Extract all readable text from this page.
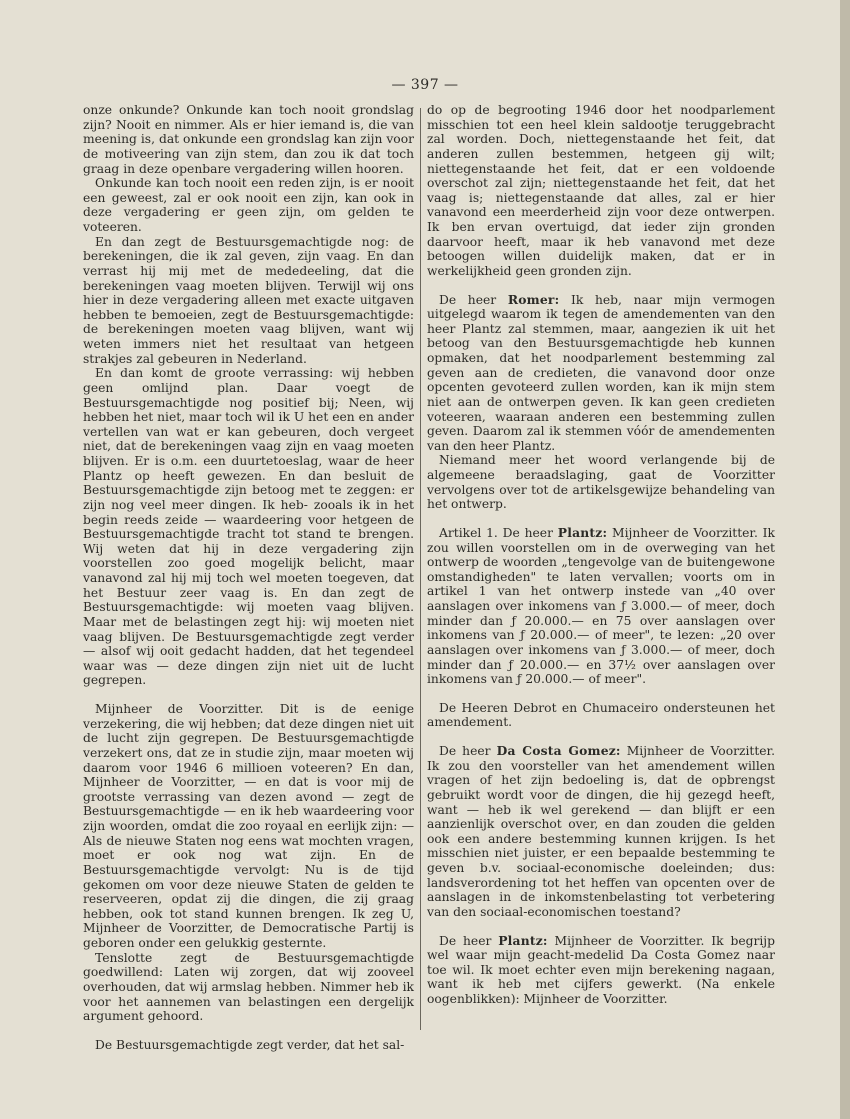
— 397 —

onze onkunde? Onkunde kan toch nooit grondslag zijn? Nooit en nimmer. Als er hier iemand is, die van meening is, dat onkunde een grondslag kan zijn voor de motiveering van zijn stem, dan zou ik dat toch graag in deze openbare vergadering willen hooren.

Onkunde kan toch nooit een reden zijn, is er nooit een geweest, zal er ook nooit een zijn, kan ook in deze vergadering er geen zijn, om gelden te voteeren.

En dan zegt de Bestuursgemachtigde nog: de berekeningen, die ik zal geven, zijn vaag. En dan verrast hij mij met de mededeeling, dat die berekeningen vaag moeten blijven. Terwijl wij ons hier in deze vergadering alleen met exacte uitgaven hebben te bemoeien, zegt de Bestuursgemachtigde: de berekeningen moeten vaag blijven, want wij weten immers niet het resultaat van hetgeen strakjes zal gebeuren in Nederland.

En dan komt de groote verrassing: wij hebben geen omlijnd plan. Daar voegt de Bestuursgemachtigde nog positief bij; Neen, wij hebben het niet, maar toch wil ik U het een en ander vertellen van wat er kan gebeuren, doch vergeet niet, dat de berekeningen vaag zijn en vaag moeten blijven. Er is o.m. een duurtetoeslag, waar de heer Plantz op heeft gewezen. En dan besluit de Bestuursgemachtigde zijn betoog met te zeggen: er zijn nog veel meer dingen. Ik heb- zooals ik in het begin reeds zeide — waardeering voor hetgeen de Bestuursgemachtigde tracht tot stand te brengen. Wij weten dat hij in deze vergadering zijn voorstellen zoo goed mogelijk belicht, maar vanavond zal hij mij toch wel moeten toegeven, dat het Bestuur zeer vaag is. En dan zegt de Bestuursgemachtigde: wij moeten vaag blijven. Maar met de belastingen zegt hij: wij moeten niet vaag blijven. De Bestuursgemachtigde zegt verder — alsof wij ooit gedacht hadden, dat het tegendeel waar was — deze dingen zijn niet uit de lucht gegrepen.

Mijnheer de Voorzitter. Dit is de eenige verzekering, die wij hebben; dat deze dingen niet uit de lucht zijn gegrepen. De Bestuursgemachtigde verzekert ons, dat ze in studie zijn, maar moeten wij daarom voor 1946 6 millioen voteeren? En dan, Mijnheer de Voorzitter, — en dat is voor mij de grootste verrassing van dezen avond — zegt de Bestuursgemachtigde — en ik heb waardeering voor zijn woorden, omdat die zoo royaal en eerlijk zijn: — Als de nieuwe Staten nog eens wat mochten vragen, moet er ook nog wat zijn. En de Bestuursgemachtigde vervolgt: Nu is de tijd gekomen om voor deze nieuwe Staten de gelden te reserveeren, opdat zij die dingen, die zij graag hebben, ook tot stand kunnen brengen. Ik zeg U, Mijnheer de Voorzitter, de Democratische Partij is geboren onder een gelukkig gesternte.

Tenslotte zegt de Bestuursgemachtigde goedwillend: Laten wij zorgen, dat wij zooveel overhouden, dat wij armslag hebben. Nimmer heb ik voor het aannemen van belastingen een dergelijk argument gehoord.

De Bestuursgemachtigde zegt verder, dat het sal-

do op de begrooting 1946 door het noodparlement misschien tot een heel klein saldootje teruggebracht zal worden. Doch, niettegenstaande het feit, dat anderen zullen bestemmen, hetgeen gij wilt; niettegenstaande het feit, dat er een voldoende overschot zal zijn; niettegenstaande het feit, dat het vaag is; niettegenstaande dat alles, zal er hier vanavond een meerderheid zijn voor deze ontwerpen. Ik ben ervan overtuigd, dat ieder zijn gronden daarvoor heeft, maar ik heb vanavond met deze betoogen willen duidelijk maken, dat er in werkelijkheid geen gronden zijn.

De heer Romer: Ik heb, naar mijn vermogen uitgelegd waarom ik tegen de amendementen van den heer Plantz zal stemmen, maar, aangezien ik uit het betoog van den Bestuursgemachtigde heb kunnen opmaken, dat het noodparlement bestemming zal geven aan de credieten, die vanavond door onze opcenten gevoteerd zullen worden, kan ik mijn stem niet aan de ontwerpen geven. Ik kan geen credieten voteeren, waaraan anderen een bestemming zullen geven. Daarom zal ik stemmen vóór de amendementen van den heer Plantz.

Niemand meer het woord verlangende bij de algemeene beraadslaging, gaat de Voorzitter vervolgens over tot de artikelsgewijze behandeling van het ontwerp.

Artikel 1. De heer Plantz: Mijnheer de Voorzitter. Ik zou willen voorstellen om in de overweging van het ontwerp de woorden „tengevolge van de buitengewone omstandigheden" te laten vervallen; voorts om in artikel 1 van het ontwerp instede van „40 over aanslagen over inkomens van ƒ 3.000.— of meer, doch minder dan ƒ 20.000.— en 75 over aanslagen over inkomens van ƒ 20.000.— of meer", te lezen: „20 over aanslagen over inkomens van ƒ 3.000.— of meer, doch minder dan ƒ 20.000.— en 37½ over aanslagen over inkomens van ƒ 20.000.— of meer".

De Heeren Debrot en Chumaceiro ondersteunen het amendement.

De heer Da Costa Gomez: Mijnheer de Voorzitter. Ik zou den voorsteller van het amendement willen vragen of het zijn bedoeling is, dat de opbrengst gebruikt wordt voor de dingen, die hij gezegd heeft, want — heb ik wel gerekend — dan blijft er een aanzienlijk overschot over, en dan zouden die gelden ook een andere bestemming kunnen krijgen. Is het misschien niet juister, er een bepaalde bestemming te geven b.v. sociaal-economische doeleinden; dus: landsverordening tot het heffen van opcenten over de aanslagen in de inkomstenbelasting tot verbetering van den sociaal-economischen toestand?

De heer Plantz: Mijnheer de Voorzitter. Ik begrijp wel waar mijn geacht-medelid Da Costa Gomez naar toe wil. Ik moet echter even mijn berekening nagaan, want ik heb met cijfers gewerkt. (Na enkele oogenblikken): Mijnheer de Voorzitter.
